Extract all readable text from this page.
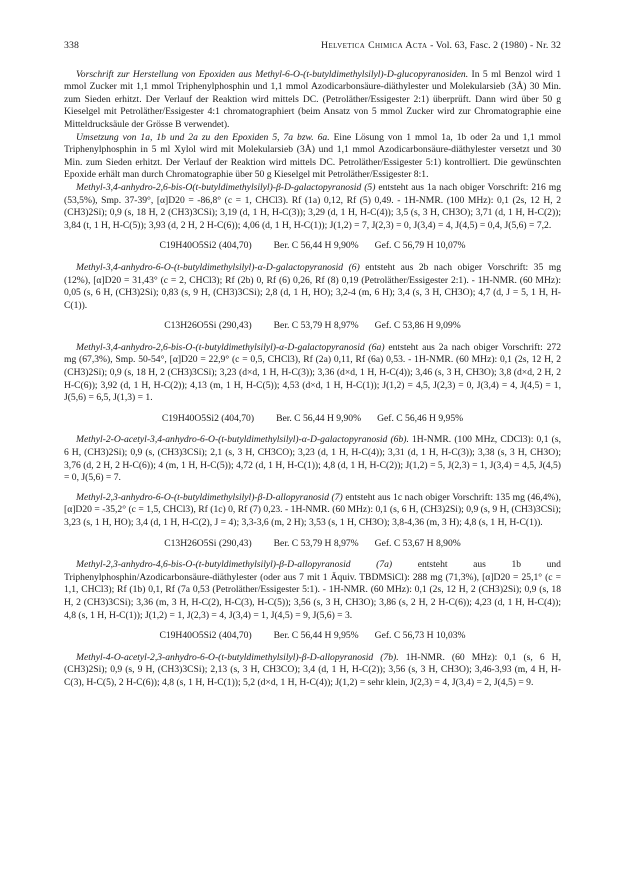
338	Helvetica Chimica Acta - Vol. 63, Fasc. 2 (1980) - Nr. 32

Vorschrift zur Herstellung von Epoxiden aus Methyl-6-O-(t-butyldimethylsilyl)-D-glucopyranosiden. In 5 ml Benzol wird 1 mmol Zucker mit 1,1 mmol Triphenylphosphin und 1,1 mmol Azodicarbonsäure-diäthylester und Molekularsieb (3Å) 30 Min. zum Sieden erhitzt. Der Verlauf der Reaktion wird mittels DC. (Petroläther/Essigester 2:1) überprüft. Dann wird über 50 g Kieselgel mit Petroläther/Essigester 4:1 chromatographiert (beim Ansatz von 5 mmol Zucker wird zur Chromatographie eine Mitteldrucksäule der Grösse B verwendet).

Umsetzung von 1a, 1b und 2a zu den Epoxiden 5, 7a bzw. 6a. Eine Lösung von 1 mmol 1a, 1b oder 2a und 1,1 mmol Triphenylphosphin in 5 ml Xylol wird mit Molekularsieb (3Å) und 1,1 mmol Azodicarbonsäure-diäthylester versetzt und 30 Min. zum Sieden erhitzt. Der Verlauf der Reaktion wird mittels DC. Petroläther/Essigester 5:1) kontrolliert. Die gewünschten Epoxide erhält man durch Chromatographie über 50 g Kieselgel mit Petroläther/Essigester 8:1.

Methyl-3,4-anhydro-2,6-bis-O(t-butyldimethylsilyl)-β-D-galactopyranosid (5) entsteht aus 1a nach obiger Vorschrift: 216 mg (53,5%), Smp. 37-39°, [α]D20 = -86,8° (c = 1, CHCl3). Rf (1a) 0,12, Rf (5) 0,49. - 1H-NMR. (100 MHz): 0,1 (2s, 12 H, 2 (CH3)2Si); 0,9 (s, 18 H, 2 (CH3)3CSi); 3,19 (d, 1 H, H-C(3)); 3,29 (d, 1 H, H-C(4)); 3,5 (s, 3 H, CH3O); 3,71 (d, 1 H, H-C(2)); 3,84 (t, 1 H, H-C(5)); 3,93 (d, 2 H, 2 H-C(6)); 4,06 (d, 1 H, H-C(1)); J(1,2) = 7, J(2,3) = 0, J(3,4) = 4, J(4,5) = 0,4, J(5,6) = 7,2.

C19H40O5Si2 (404,70) Ber. C 56,44 H 9,90% Gef. C 56,79 H 10,07%

Methyl-3,4-anhydro-6-O-(t-butyldimethylsilyl)-α-D-galactopyranosid (6) entsteht aus 2b nach obiger Vorschrift: 35 mg (12%), [α]D20 = 31,43° (c = 2, CHCl3); Rf (2b) 0, Rf (6) 0,26, Rf (8) 0,19 (Petroläther/Essigester 2:1). - 1H-NMR. (60 MHz): 0,05 (s, 6 H, (CH3)2Si); 0,83 (s, 9 H, (CH3)3CSi); 2,8 (d, 1 H, HO); 3,2-4 (m, 6 H); 3,4 (s, 3 H, CH3O); 4,7 (d, J = 5, 1 H, H-C(1)).

C13H26O5Si (290,43) Ber. C 53,79 H 8,97% Gef. C 53,86 H 9,09%

Methyl-3,4-anhydro-2,6-bis-O-(t-butyldimethylsilyl)-α-D-galactopyranosid (6a) entsteht aus 2a nach obiger Vorschrift: 272 mg (67,3%), Smp. 50-54°, [α]D20 = 22,9° (c = 0,5, CHCl3), Rf (2a) 0,11, Rf (6a) 0,53. - 1H-NMR. (60 MHz): 0,1 (2s, 12 H, 2 (CH3)2Si); 0,9 (s, 18 H, 2 (CH3)3CSi); 3,23 (d×d, 1 H, H-C(3)); 3,36 (d×d, 1 H, H-C(4)); 3,46 (s, 3 H, CH3O); 3,8 (d×d, 2 H, 2 H-C(6)); 3,92 (d, 1 H, H-C(2)); 4,13 (m, 1 H, H-C(5)); 4,53 (d×d, 1 H, H-C(1)); J(1,2) = 4,5, J(2,3) = 0, J(3,4) = 4, J(4,5) = 1, J(5,6) = 6,5, J(1,3) = 1.

C19H40O5Si2 (404,70) Ber. C 56,44 H 9,90% Gef. C 56,46 H 9,95%

Methyl-2-O-acetyl-3,4-anhydro-6-O-(t-butyldimethylsilyl)-α-D-galactopyranosid (6b). 1H-NMR. (100 MHz, CDCl3): 0,1 (s, 6 H, (CH3)2Si); 0,9 (s, (CH3)3CSi); 2,1 (s, 3 H, CH3CO); 3,23 (d, 1 H, H-C(4)); 3,31 (d, 1 H, H-C(3)); 3,38 (s, 3 H, CH3O); 3,76 (d, 2 H, 2 H-C(6)); 4 (m, 1 H, H-C(5)); 4,72 (d, 1 H, H-C(1)); 4,8 (d, 1 H, H-C(2)); J(1,2) = 5, J(2,3) = 1, J(3,4) = 4,5, J(4,5) = 0, J(5,6) = 7.

Methyl-2,3-anhydro-6-O-(t-butyldimethylsilyl)-β-D-allopyranosid (7) entsteht aus 1c nach obiger Vorschrift: 135 mg (46,4%), [α]D20 = -35,2° (c = 1,5, CHCl3), Rf (1c) 0, Rf (7) 0,23. - 1H-NMR. (60 MHz): 0,1 (s, 6 H, (CH3)2Si); 0,9 (s, 9 H, (CH3)3CSi); 3,23 (s, 1 H, HO); 3,4 (d, 1 H, H-C(2), J = 4); 3,3-3,6 (m, 2 H); 3,53 (s, 1 H, CH3O); 3,8-4,36 (m, 3 H); 4,8 (s, 1 H, H-C(1)).

C13H26O5Si (290,43) Ber. C 53,79 H 8,97% Gef. C 53,67 H 8,90%

Methyl-2,3-anhydro-4,6-bis-O-(t-butyldimethylsilyl)-β-D-allopyranosid (7a)	entsteht aus 1b und Triphenylphosphin/Azodicarbonsäure-diäthylester (oder aus 7 mit 1 Äquiv. TBDMSiCl): 288 mg (71,3%), [α]D20 = 25,1° (c = 1,1, CHCl3); Rf (1b) 0,1, Rf (7a 0,53 (Petroläther/Essigester 5:1). - 1H-NMR. (60 MHz): 0,1 (2s, 12 H, 2 (CH3)2Si); 0,9 (s, 18 H, 2 (CH3)3CSi); 3,36 (m, 3 H, H-C(2), H-C(3), H-C(5)); 3,56 (s, 3 H, CH3O); 3,86 (s, 2 H, 2 H-C(6)); 4,23 (d, 1 H, H-C(4)); 4,8 (s, 1 H, H-C(1)); J(1,2) = 1, J(2,3) = 4, J(3,4) = 1, J(4,5) = 9, J(5,6) = 3.

C19H40O5Si2 (404,70) Ber. C 56,44 H 9,95% Gef. C 56,73 H 10,03%

Methyl-4-O-acetyl-2,3-anhydro-6-O-(t-butyldimethylsilyl)-β-D-allopyranosid (7b). 1H-NMR. (60 MHz): 0,1 (s, 6 H, (CH3)2Si); 0,9 (s, 9 H, (CH3)3CSi); 2,13 (s, 3 H, CH3CO); 3,4 (d, 1 H, H-C(2)); 3,56 (s, 3 H, CH3O); 3,46-3,93 (m, 4 H, H-C(3), H-C(5), 2 H-C(6)); 4,8 (s, 1 H, H-C(1)); 5,2 (d×d, 1 H, H-C(4)); J(1,2) = sehr klein, J(2,3) = 4, J(3,4) = 2, J(4,5) = 9.
